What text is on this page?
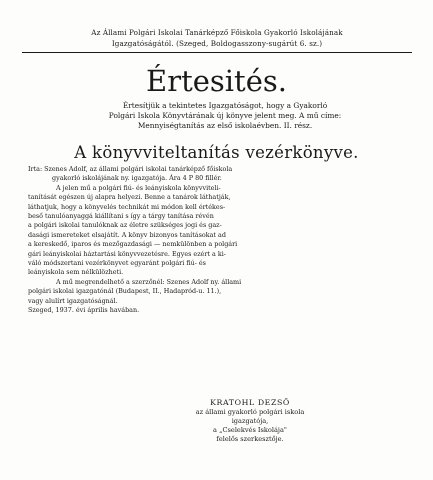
Az Állami Polgári Iskolai Tanárképző Főiskola Gyakorló Iskolájának
Igazgatóságától. (Szeged, Boldogasszony-sugárút 6. sz.)
Értesités.
Értesítjük a tekintetes Igazgatóságot, hogy a Gyakorló
Polgári Iskola Könyvtárának új könyve jelent meg. A mű címe:
Mennyiségtanítás az első iskolaévben. II. rész.
A könyvviteltanítás vezérkönyve.
Irta: Szenes Adolf, az állami polgári iskolai tanárképző főiskola
gyakorló iskolájának ny. igazgatója. Ára 4 P 80 fillér.
A jelen mű a polgári fiú- és leányiskola könyvviteli-
tanítását egészen új alapra helyezi. Benne a tanárok láthatják,
láthatjuk, hogy a könyvelés technikát mi módon kell értékes-
beső tanulóanyaggá kiállítani s így a tárgy tanítása révén
a polgári iskolai tanulóknak az életre szükséges jogi és gaz-
dasági ismereteket elsajátít. A könyv bizonyos tanításokat ad
a kereskedő, iparos és mezőgazdasági — nemkülönben a polgári
gári leányiskolai háztartási könyvvezetésre. Egyes ezért a ki-
váló módszertani vezérkönyvet egyaránt polgári fiú- és
leányiskola sem nélkülözheti.
A mű megrendelhető a szerzőnél: Szenes Adolf ny. állami
polgári iskolai igazgatónál (Budapest, II., Hadapród-u. 11.),
vagy alulírt igazgatóságnál.
Szeged, 1937. évi április havában.
KRATOHL DEZSŐ
az állami gyakorló polgári iskola
igazgatója,
a „Cselekvés Iskolája"
felelős szerkesztője.
